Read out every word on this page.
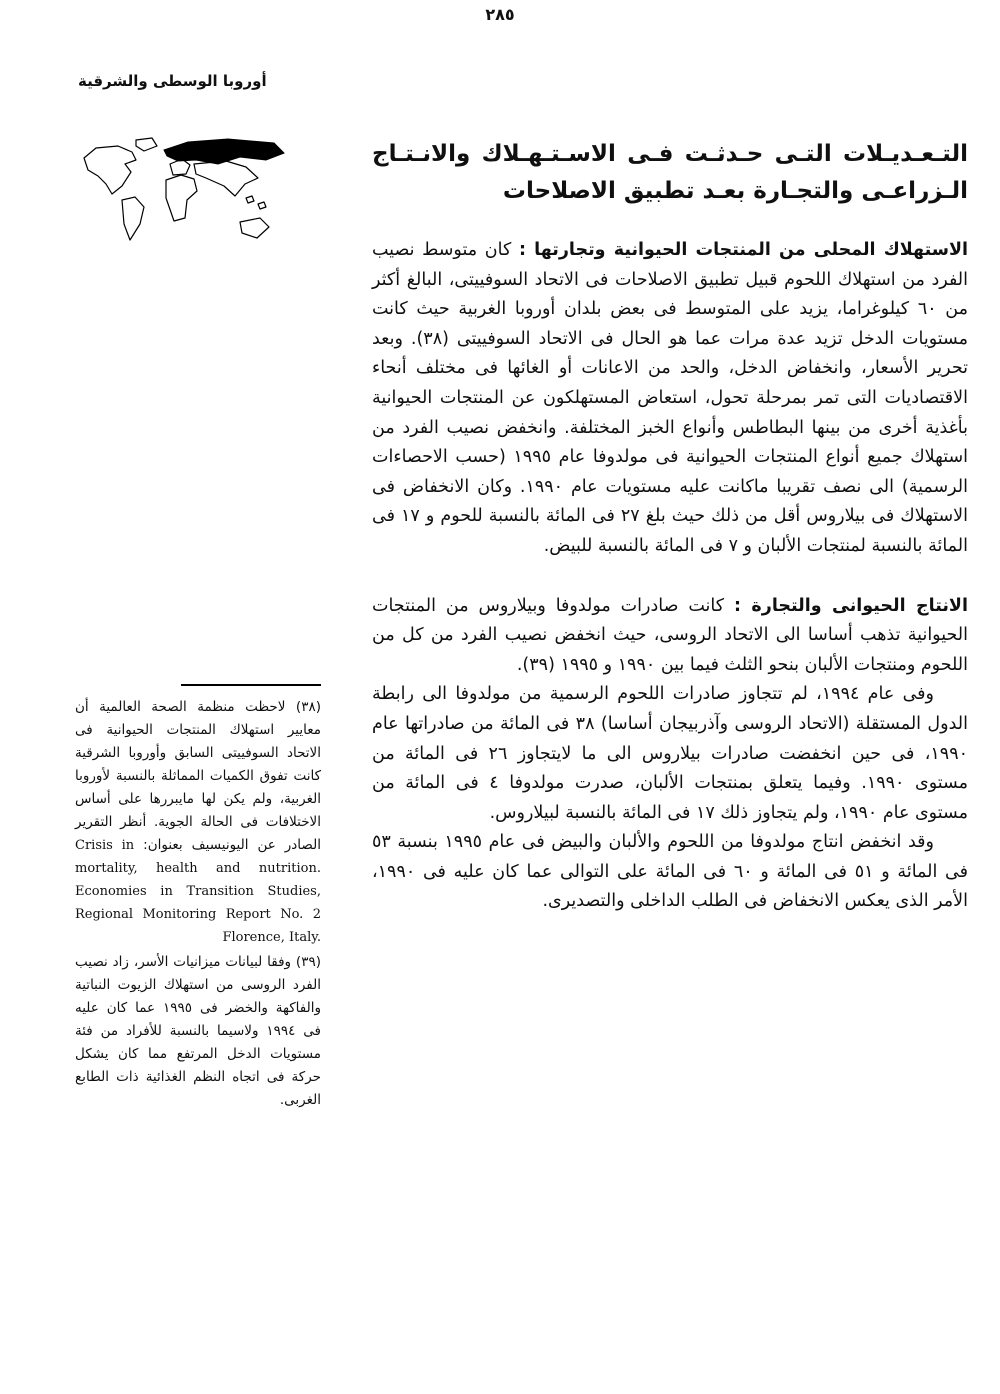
٢٨٥
أوروبا الوسطى والشرقية

(٣٨) لاحظت منظمة الصحة العالمية أن معايير استهلاك المنتجات الحيوانية فى الاتحاد السوفييتى السابق وأوروبا الشرقية كانت تفوق الكميات المماثلة بالنسبة لأوروبا الغربية، ولم يكن لها مايبررها على أساس الاختلافات فى الحالة الجوية. أنظر التقرير الصادر عن اليونيسيف بعنوان: Crisis in mortality, health and nutrition. Economies in Transition Studies, Regional Monitoring Report No. 2 Florence, Italy.

(٣٩) وفقا لبيانات ميزانيات الأسر، زاد نصيب الفرد الروسى من استهلاك الزيوت النباتية والفاكهة والخضر فى ١٩٩٥ عما كان عليه فى ١٩٩٤ ولاسيما بالنسبة للأفراد من فئة مستويات الدخل المرتفع مما كان يشكل حركة فى اتجاه النظم الغذائية ذات الطابع الغربى.

التـعـديـلات التـى حـدثـت فـى الاسـتـهـلاك والانـتـاج الـزراعـى والتجـارة بعـد تطبيق الاصلاحات

الاستهلاك المحلى من المنتجات الحيوانية وتجارتها : كان متوسط نصيب الفرد من استهلاك اللحوم قبيل تطبيق الاصلاحات فى الاتحاد السوفييتى، البالغ أكثر من ٦٠ كيلوغراما، يزيد على المتوسط فى بعض بلدان أوروبا الغربية حيث كانت مستويات الدخل تزيد عدة مرات عما هو الحال فى الاتحاد السوفييتى (٣٨). وبعد تحرير الأسعار، وانخفاض الدخل، والحد من الاعانات أو الغائها فى مختلف أنحاء الاقتصاديات التى تمر بمرحلة تحول، استعاض المستهلكون عن المنتجات الحيوانية بأغذية أخرى من بينها البطاطس وأنواع الخبز المختلفة. وانخفض نصيب الفرد من استهلاك جميع أنواع المنتجات الحيوانية فى مولدوفا عام ١٩٩٥ (حسب الاحصاءات الرسمية) الى نصف تقريبا ماكانت عليه مستويات عام ١٩٩٠. وكان الانخفاض فى الاستهلاك فى بيلاروس أقل من ذلك حيث بلغ ٢٧ فى المائة بالنسبة للحوم و ١٧ فى المائة بالنسبة لمنتجات الألبان و ٧ فى المائة بالنسبة للبيض.

الانتاج الحيوانى والتجارة : كانت صادرات مولدوفا وبيلاروس من المنتجات الحيوانية تذهب أساسا الى الاتحاد الروسى، حيث انخفض نصيب الفرد من كل من اللحوم ومنتجات الألبان بنحو الثلث فيما بين ١٩٩٠ و ١٩٩٥ (٣٩).

وفى عام ١٩٩٤، لم تتجاوز صادرات اللحوم الرسمية من مولدوفا الى رابطة الدول المستقلة (الاتحاد الروسى وآذربيجان أساسا) ٣٨ فى المائة من صادراتها عام ١٩٩٠، فى حين انخفضت صادرات بيلاروس الى ما لايتجاوز ٢٦ فى المائة من مستوى ١٩٩٠. وفيما يتعلق بمنتجات الألبان، صدرت مولدوفا ٤ فى المائة من مستوى عام ١٩٩٠، ولم يتجاوز ذلك ١٧ فى المائة بالنسبة لبيلاروس.

وقد انخفض انتاج مولدوفا من اللحوم والألبان والبيض فى عام ١٩٩٥ بنسبة ٥٣ فى المائة و ٥١ فى المائة و ٦٠ فى المائة على التوالى عما كان عليه فى ١٩٩٠، الأمر الذى يعكس الانخفاض فى الطلب الداخلى والتصديرى.
